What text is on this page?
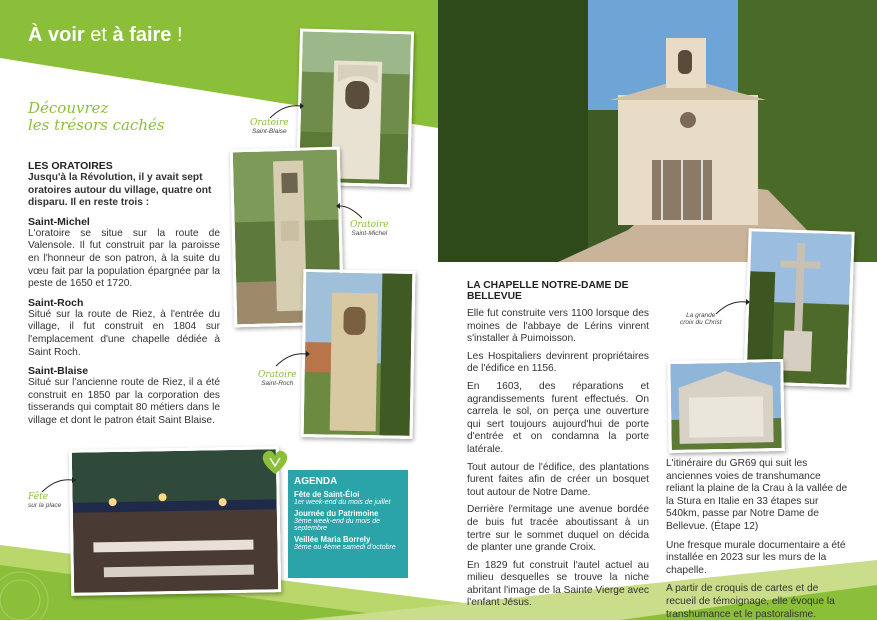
À voir et à faire !
Découvrez
les trésors cachés
LES ORATOIRES

Jusqu'à la Révolution, il y avait sept oratoires autour du village, quatre ont disparu. Il en reste trois :

Saint-Michel

L'oratoire se situe sur la route de Valensole. Il fut construit par la paroisse en l'honneur de son patron, à la suite du vœu fait par la population épargnée par la peste de 1650 et 1720.

Saint-Roch

Situé sur la route de Riez, à l'entrée du village, il fut construit en 1804 sur l'emplacement d'une chapelle dédiée à Saint Roch.

Saint-Blaise

Situé sur l'ancienne route de Riez, il a été construit en 1850 par la corporation des tisserands qui comptait 80 métiers dans le village et dont le patron était Saint Blaise.

Oratoire
Saint-Blaise
Oratoire
Saint-Michel
Oratoire
Saint-Roch
Fête
sur la place
AGENDA
Fête de Saint-Éloi
1er week-end du mois de juillet
Journée du Patrimoine
3ème week-end du mois de septembre
Veillée Maria Borrely
3ème ou 4ème samedi d'octobre
LA CHAPELLE NOTRE-DAME DE BELLEVUE

Elle fut construite vers 1100 lorsque des moines de l'abbaye de Lérins vinrent s'installer à Puimoisson.

Les Hospitaliers devinrent propriétaires de l'édifice en 1156.

En 1603, des réparations et agrandissements furent effectués. On carrela le sol, on perça une ouverture qui sert toujours aujourd'hui de porte d'entrée et on condamna la porte latérale.

Tout autour de l'édifice, des plantations furent faites afin de créer un bosquet tout autour de Notre Dame.

Derrière l'ermitage une avenue bordée de buis fut tracée aboutissant à un tertre sur le sommet duquel on décida de planter une grande Croix.

En 1829 fut construit l'autel actuel au milieu desquelles se trouve la niche abritant l'image de la Sainte Vierge avec l'enfant Jésus.

La grande
croix du Christ

L'itinéraire du GR69 qui suit les anciennes voies de transhumance reliant la plaine de la Crau à la vallée de la Stura en Italie en 33 étapes sur 540km, passe par Notre Dame de Bellevue. (Étape 12)

Une fresque murale documentaire a été installée en 2023 sur les murs de la chapelle.

A partir de croquis de cartes et de recueil de témoignage, elle évoque la transhumance et le pastoralisme.
